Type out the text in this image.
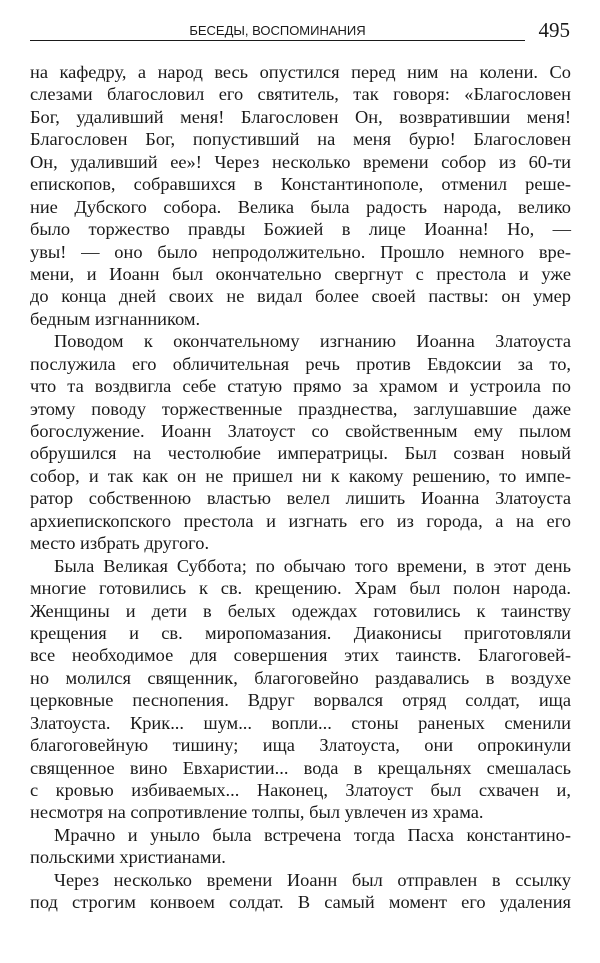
БЕСЕДЫ, ВОСПОМИНАНИЯ	495
на кафедру, а народ весь опустился перед ним на колени. Со
слезами благословил его святитель, так говоря: «Благословен
Бог, удаливший меня! Благословен Он, возвратившии меня!
Благословен Бог, попустивший на меня бурю! Благословен
Он, удаливший ее»! Через несколько времени собор из 60-ти
епископов, собравшихся в Константинополе, отменил реше-
ние Дубского собора. Велика была радость народа, велико
было торжество правды Божией в лице Иоанна! Но, —
увы! — оно было непродолжительно. Прошло немного вре-
мени, и Иоанн был окончательно свергнут с престола и уже
до конца дней своих не видал более своей паствы: он умер
бедным изгнанником.
Поводом к окончательному изгнанию Иоанна Златоуста
послужила его обличительная речь против Евдоксии за то,
что та воздвигла себе статую прямо за храмом и устроила по
этому поводу торжественные празднества, заглушавшие даже
богослужение. Иоанн Златоуст со свойственным ему пылом
обрушился на честолюбие императрицы. Был созван новый
собор, и так как он не пришел ни к какому решению, то импе-
ратор собственною властью велел лишить Иоанна Златоуста
архиепископского престола и изгнать его из города, а на его
место избрать другого.
Была Великая Суббота; по обычаю того времени, в этот день
многие готовились к св. крещению. Храм был полон народа.
Женщины и дети в белых одеждах готовились к таинству
крещения и св. миропомазания. Диаконисы приготовляли
все необходимое для совершения этих таинств. Благоговей-
но молился священник, благоговейно раздавались в воздухе
церковные песнопения. Вдруг ворвался отряд солдат, ища
Златоуста. Крик... шум... вопли... стоны раненых сменили
благоговейную тишину; ища Златоуста, они опрокинули
священное вино Евхаристии... вода в крещальнях смешалась
с кровью избиваемых... Наконец, Златоуст был схвачен и,
несмотря на сопротивление толпы, был увлечен из храма.
Мрачно и уныло была встречена тогда Пасха константино-
польскими христианами.
Через несколько времени Иоанн был отправлен в ссылку
под строгим конвоем солдат. В самый момент его удаления
